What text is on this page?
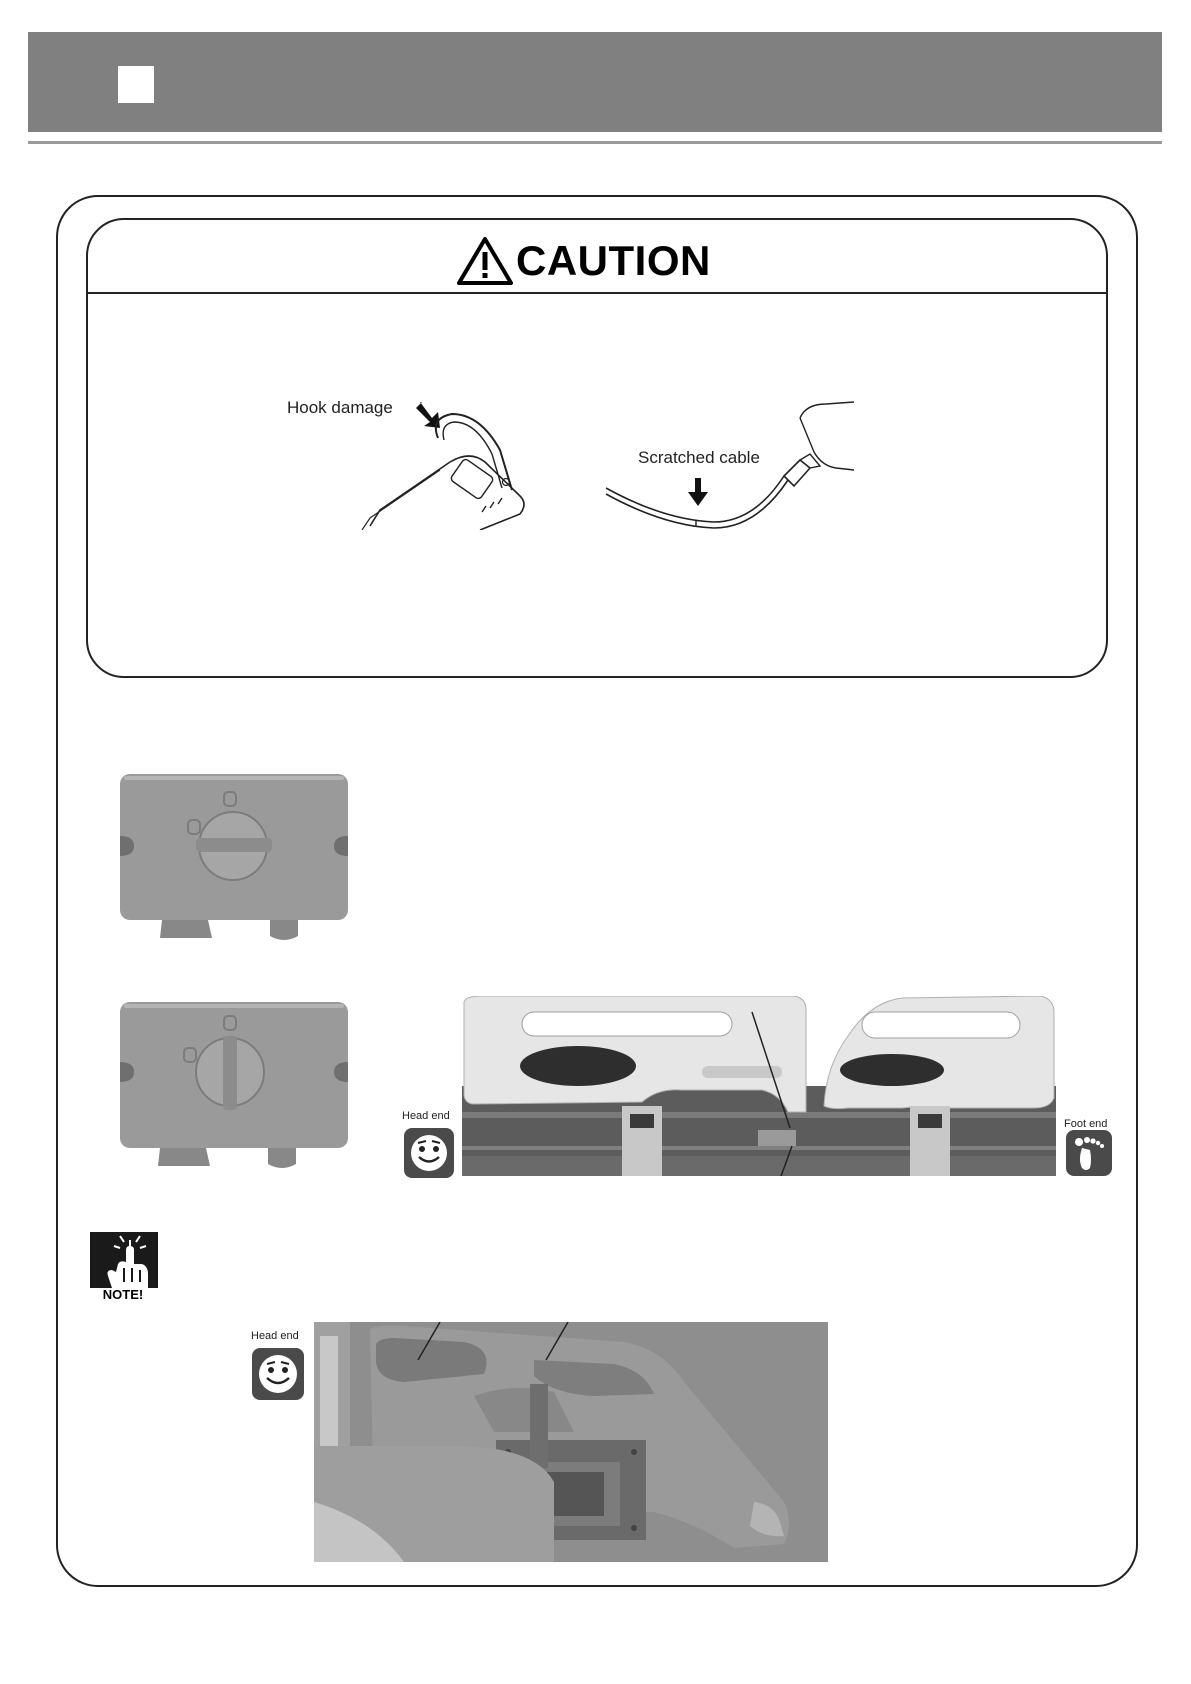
CAUTION
Hook damage
Scratched cable
Head end
Foot end
NOTE!
Head end
